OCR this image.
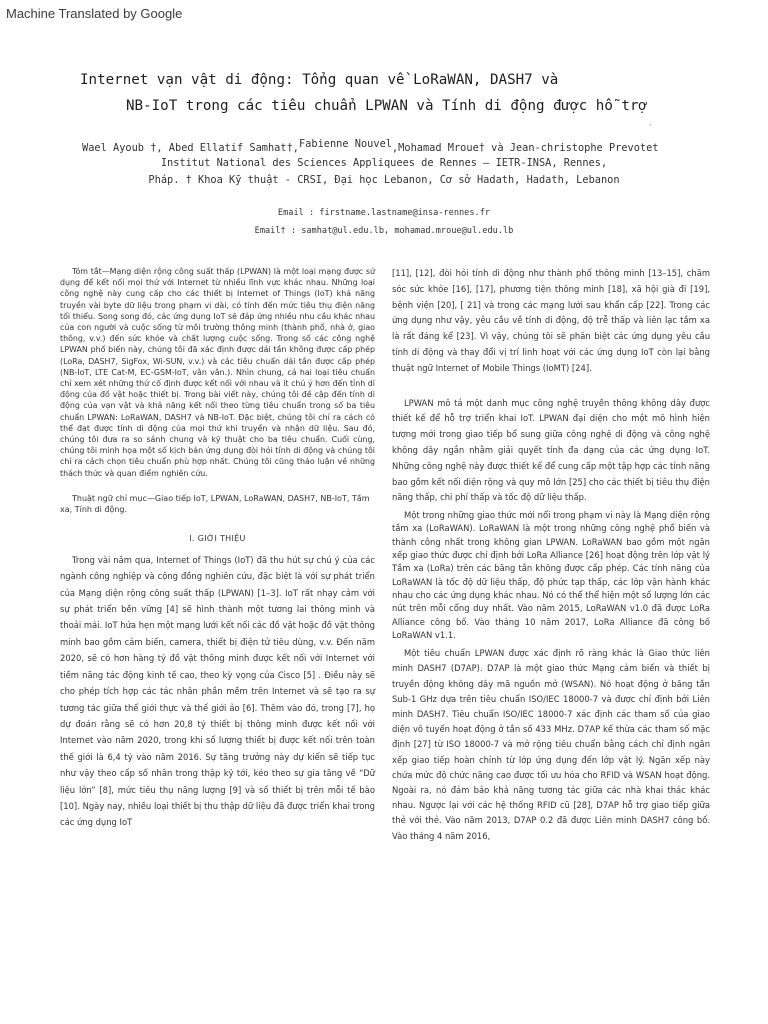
Machine Translated by Google
Internet vạn vật di động: Tổng quan về LoRaWAN, DASH7 và
NB-IoT trong các tiêu chuẩn LPWAN và Tính di động được hỗ trợ
`
Wael Ayoub †, Abed Ellatif Samhat†,Fabienne Nouvel,Mohamad Mroue† và Jean-christophe Prevotet
Institut National des Sciences Appliquees de Rennes – IETR-INSA, Rennes,
Pháp. † Khoa Kỹ thuật - CRSI, Đại học Lebanon, Cơ sở Hadath, Hadath, Lebanon
Email : firstname.lastname@insa-rennes.fr
Email† : samhat@ul.edu.lb, mohamad.mroue@ul.edu.lb

Tóm tắt—Mạng diện rộng công suất thấp (LPWAN) là một loại mạng được sử dụng để kết nối mọi thứ với Internet từ nhiều lĩnh vực khác nhau. Những loại công nghệ này cung cấp cho các thiết bị Internet of Things (IoT) khả năng truyền vài byte dữ liệu trong phạm vi dài, có tính đến mức tiêu thụ điện năng tối thiểu. Song song đó, các ứng dụng IoT sẽ đáp ứng nhiều nhu cầu khác nhau của con người và cuộc sống từ môi trường thông minh (thành phố, nhà ở, giao thông, v.v.) đến sức khỏe và chất lượng cuộc sống. Trong số các công nghệ LPWAN phổ biến này, chúng tôi đã xác định được dải tần không được cấp phép (LoRa, DASH7, SigFox, Wi-SUN, v.v.) và các tiêu chuẩn dải tần được cấp phép (NB-IoT, LTE Cat-M, EC-GSM-IoT, vân vân.). Nhìn chung, cả hai loại tiêu chuẩn chỉ xem xét những thứ cố định được kết nối với nhau và ít chú ý hơn đến tính di động của đồ vật hoặc thiết bị. Trong bài viết này, chúng tôi đề cập đến tính di động của vạn vật và khả năng kết nối theo từng tiêu chuẩn trong số ba tiêu chuẩn LPWAN: LoRaWAN, DASH7 và NB-IoT. Đặc biệt, chúng tôi chỉ ra cách có thể đạt được tính di động của mọi thứ khi truyền và nhận dữ liệu. Sau đó, chúng tôi đưa ra so sánh chung và kỹ thuật cho ba tiêu chuẩn. Cuối cùng, chúng tôi minh họa một số kịch bản ứng dụng đòi hỏi tính di động và chúng tôi chỉ ra cách chọn tiêu chuẩn phù hợp nhất. Chúng tôi cũng thảo luận về những thách thức và quan điểm nghiên cứu.

Thuật ngữ chỉ mục—Giao tiếp IoT, LPWAN, LoRaWAN, DASH7, NB-IoT, Tầm xa, Tính di động.

I. GIỚI THIỆU

Trong vài năm qua, Internet of Things (IoT) đã thu hút sự chú ý của các ngành công nghiệp và cộng đồng nghiên cứu, đặc biệt là với sự phát triển của Mạng diện rộng công suất thấp (LPWAN) [1–3]. IoT rất nhạy cảm với sự phát triển bền vững [4] sẽ hình thành một tương lai thông minh và thoải mái. IoT hứa hẹn một mạng lưới kết nối các đồ vật hoặc đồ vật thông minh bao gồm cảm biến, camera, thiết bị điện tử tiêu dùng, v.v. Đến năm 2020, sẽ có hơn hàng tỷ đồ vật thông minh được kết nối với Internet với tiềm năng tác động kinh tế cao, theo kỳ vọng của Cisco [5] . Điều này sẽ cho phép tích hợp các tác nhân phần mềm trên Internet và sẽ tạo ra sự tương tác giữa thế giới thực và thế giới ảo [6]. Thêm vào đó, trong [7], họ dự đoán rằng sẽ có hơn 20,8 tỷ thiết bị thông minh được kết nối với Internet vào năm 2020, trong khi số lượng thiết bị được kết nối trên toàn thế giới là 6,4 tỷ vào năm 2016. Sự tăng trưởng này dự kiến sẽ tiếp tục như vậy theo cấp số nhân trong thập kỷ tới, kéo theo sự gia tăng về “Dữ liệu lớn” [8], mức tiêu thụ năng lượng [9] và số thiết bị trên mỗi tế bào [10]. Ngày nay, nhiều loại thiết bị thu thập dữ liệu đã được triển khai trong các ứng dụng IoT

[11], [12], đòi hỏi tính di động như thành phố thông minh [13–15], chăm sóc sức khỏe [16], [17], phương tiện thông minh [18], xã hội già đi [19], bệnh viện [20], [ 21] và trong các mạng lưới sau khẩn cấp [22]. Trong các ứng dụng như vậy, yêu cầu về tính di động, độ trễ thấp và liên lạc tầm xa là rất đáng kể [23]. Vì vậy, chúng tôi sẽ phân biệt các ứng dụng yêu cầu tính di động và thay đổi vị trí linh hoạt với các ứng dụng IoT còn lại bằng thuật ngữ Internet of Mobile Things (IoMT) [24].

LPWAN mô tả một danh mục công nghệ truyền thông không dây được thiết kế để hỗ trợ triển khai IoT. LPWAN đại diện cho một mô hình hiện tượng mới trong giao tiếp bổ sung giữa công nghệ di động và công nghệ không dây ngắn nhằm giải quyết tính đa dạng của các ứng dụng IoT. Những công nghệ này được thiết kế để cung cấp một tập hợp các tính năng bao gồm kết nối diện rộng và quy mô lớn [25] cho các thiết bị tiêu thụ điện năng thấp, chi phí thấp và tốc độ dữ liệu thấp.

Một trong những giao thức mới nổi trong phạm vi này là Mạng diện rộng tầm xa (LoRaWAN). LoRaWAN là một trong những công nghệ phổ biến và thành công nhất trong không gian LPWAN. LoRaWAN bao gồm một ngăn xếp giao thức được chỉ định bởi LoRa Alliance [26] hoạt động trên lớp vật lý Tầm xa (LoRa) trên các băng tần không được cấp phép. Các tính năng của LoRaWAN là tốc độ dữ liệu thấp, độ phức tạp thấp, các lớp vận hành khác nhau cho các ứng dụng khác nhau. Nó có thể thể hiện một số lượng lớn các nút trên mỗi cổng duy nhất. Vào năm 2015, LoRaWAN v1.0 đã được LoRa Alliance công bố. Vào tháng 10 năm 2017, LoRa Alliance đã công bố LoRaWAN v1.1.

Một tiêu chuẩn LPWAN được xác định rõ ràng khác là Giao thức liên minh DASH7 (D7AP). D7AP là một giao thức Mạng cảm biến và thiết bị truyền động không dây mã nguồn mở (WSAN). Nó hoạt động ở băng tần Sub-1 GHz dựa trên tiêu chuẩn ISO/IEC 18000-7 và được chỉ định bởi Liên minh DASH7. Tiêu chuẩn ISO/IEC 18000-7 xác định các tham số của giao diện vô tuyến hoạt động ở tần số 433 MHz. D7AP kế thừa các tham số mặc định [27] từ ISO 18000-7 và mở rộng tiêu chuẩn bằng cách chỉ định ngăn xếp giao tiếp hoàn chỉnh từ lớp ứng dụng đến lớp vật lý. Ngăn xếp này chứa mức độ chức năng cao được tối ưu hóa cho RFID và WSAN hoạt động. Ngoài ra, nó đảm bảo khả năng tương tác giữa các nhà khai thác khác nhau. Ngược lại với các hệ thống RFID cũ [28], D7AP hỗ trợ giao tiếp giữa thẻ với thẻ. Vào năm 2013, D7AP 0.2 đã được Liên minh DASH7 công bố. Vào tháng 4 năm 2016,
